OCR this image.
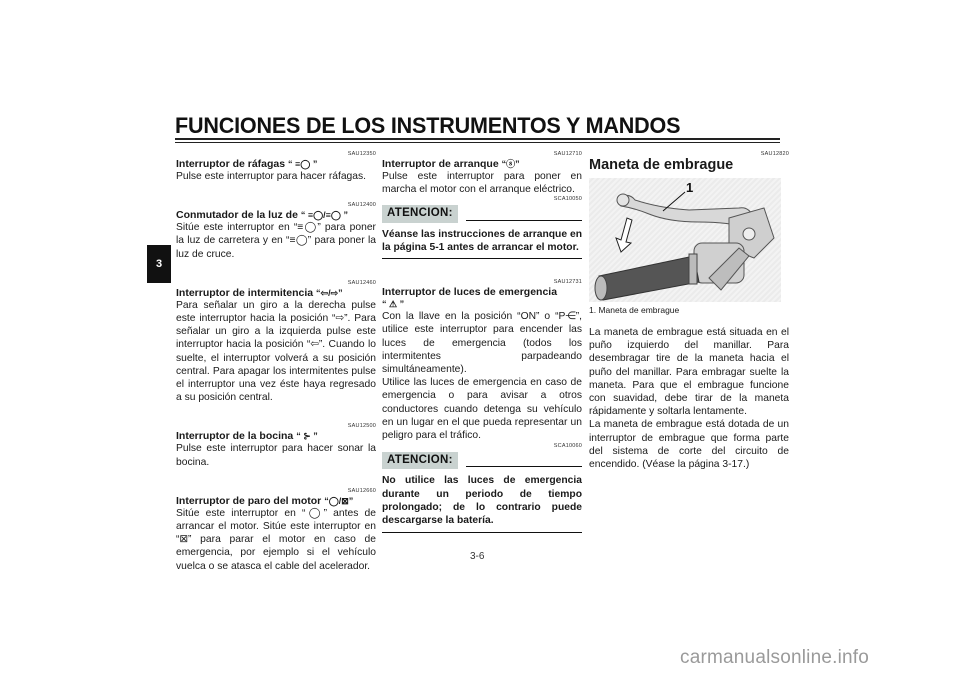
FUNCIONES DE LOS INSTRUMENTOS Y MANDOS
3
SAU12350
Interruptor de ráfagas “ ≡◯ ”
Pulse este interruptor para hacer ráfagas.
SAU12400
Conmutador de la luz de “ ≡◯/≡◯ ”
Sitúe este interruptor en “≡◯” para poner la luz de carretera y en “≡◯” para poner la luz de cruce.
SAU12460
Interruptor de intermitencia “⇦/⇨”
Para señalar un giro a la derecha pulse este interruptor hacia la posición “⇨”. Para señalar un giro a la izquierda pulse este interruptor hacia la posición “⇦”. Cuando lo suelte, el interruptor volverá a su posición central. Para apagar los intermitentes pulse el interruptor una vez éste haya regresado a su posición central.
SAU12500
Interruptor de la bocina “ ⊱ ”
Pulse este interruptor para hacer sonar la bocina.
SAU12660
Interruptor de paro del motor “◯/⊠”
Sitúe este interruptor en “◯” antes de arrancar el motor. Sitúe este interruptor en “⊠” para parar el motor en caso de emergencia, por ejemplo si el vehículo vuelca o se atasca el cable del acelerador.
SAU12710
Interruptor de arranque “ⓢ”
Pulse este interruptor para poner en marcha el motor con el arranque eléctrico.
SCA10050
ATENCION:
Véanse las instrucciones de arranque en la página 5-1 antes de arrancar el motor.
SAU12731
Interruptor de luces de emergencia “ ⚠ ”
Con la llave en la posición “ON” o “P⋲”, utilice este interruptor para encender las luces de emergencia (todos los intermitentes parpadeando simultáneamente).
Utilice las luces de emergencia en caso de emergencia o para avisar a otros conductores cuando detenga su vehículo en un lugar en el que pueda representar un peligro para el tráfico.
SCA10060
ATENCION:
No utilice las luces de emergencia durante un periodo de tiempo prolongado; de lo contrario puede descargarse la batería.
SAU12820
Maneta de embrague
1
1. Maneta de embrague
La maneta de embrague está situada en el puño izquierdo del manillar. Para desembragar tire de la maneta hacia el puño del manillar. Para embragar suelte la maneta. Para que el embrague funcione con suavidad, debe tirar de la maneta rápidamente y soltarla lentamente.
La maneta de embrague está dotada de un interruptor de embrague que forma parte del sistema de corte del circuito de encendido. (Véase la página 3-17.)
3-6
carmanualsonline.info
